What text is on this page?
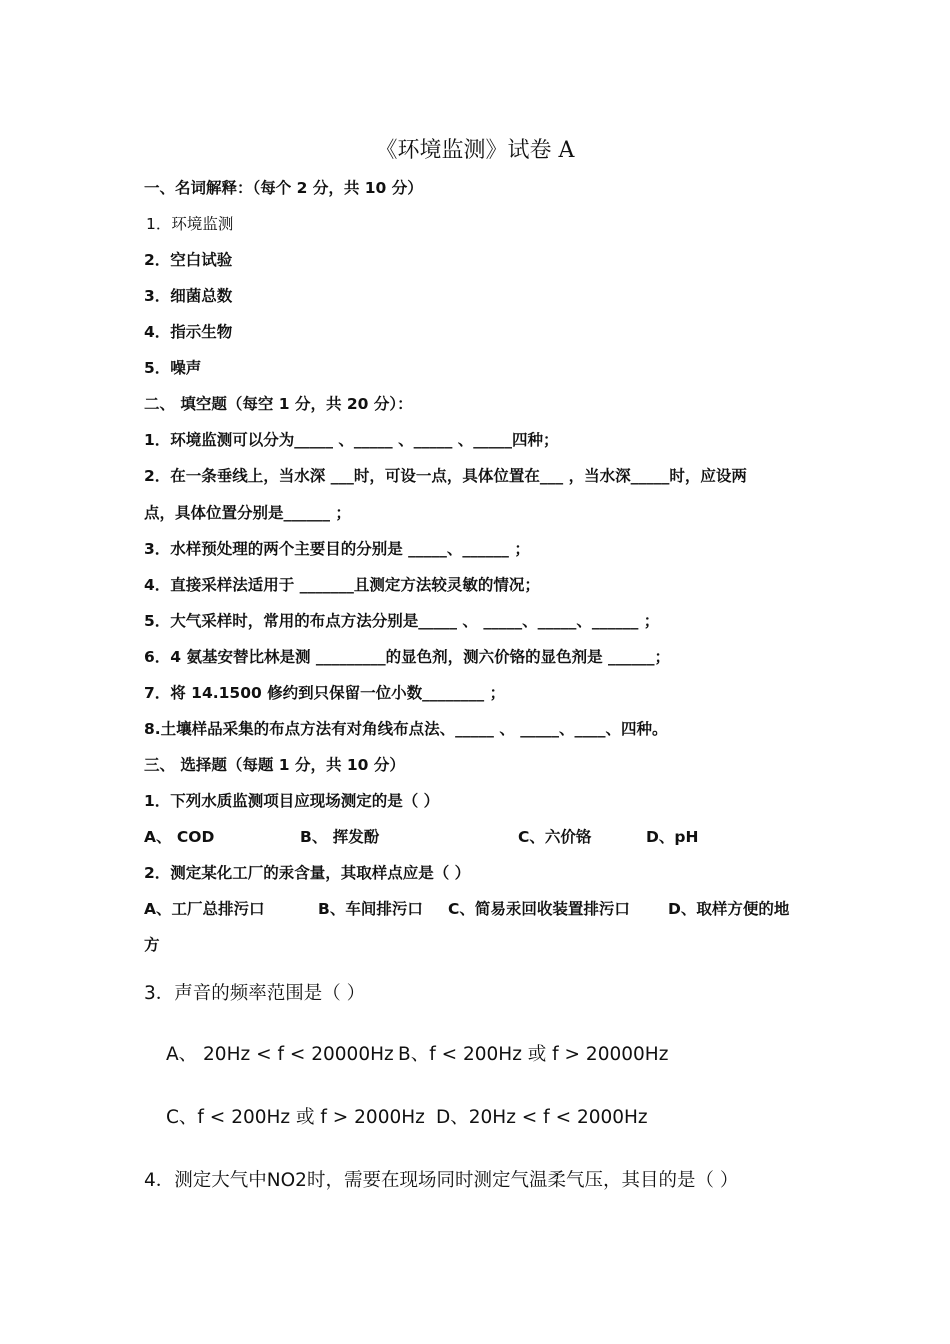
《环境监测》试卷 A
一、名词解释：（每个 2 分，共 10 分）
1．环境监测
2．空白试验
3．细菌总数
4．指示生物
5．噪声
二、 填空题（每空 1 分，共 20 分）：
1．环境监测可以分为_____ 、_____ 、_____ 、_____四种；
2．在一条垂线上，当水深 ___时，可设一点，具体位置在___ ，当水深_____时，应设两
点，具体位置分别是______ ；
3．水样预处理的两个主要目的分别是 _____、______ ；
4．直接采样法适用于 _______且测定方法较灵敏的情况；
5．大气采样时，常用的布点方法分别是_____ 、 _____、_____、______ ；
6．4 氨基安替比林是测 _________的显色剂，测六价铬的显色剂是 ______；
7．将 14.1500 修约到只保留一位小数________ ；
8.土壤样品采集的布点方法有对角线布点法、_____ 、 _____、____、四种。
三、 选择题（每题 1 分，共 10 分）
1．下列水质监测项目应现场测定的是（ ）
A、 COD	B、 挥发酚	C、六价铬	D、pH
2．测定某化工厂的汞含量，其取样点应是（ ）
A、工厂总排污口	B、车间排污口 C、简易汞回收装置排污口 D、取样方便的地
方
3．声音的频率范围是（ ）
A、 20Hz < f < 20000Hz B、f < 200Hz 或 f > 20000Hz
C、f < 200Hz 或 f > 2000Hz D、20Hz < f < 2000Hz
4．测定大气中NO2时，需要在现场同时测定气温柔气压，其目的是（ ）
